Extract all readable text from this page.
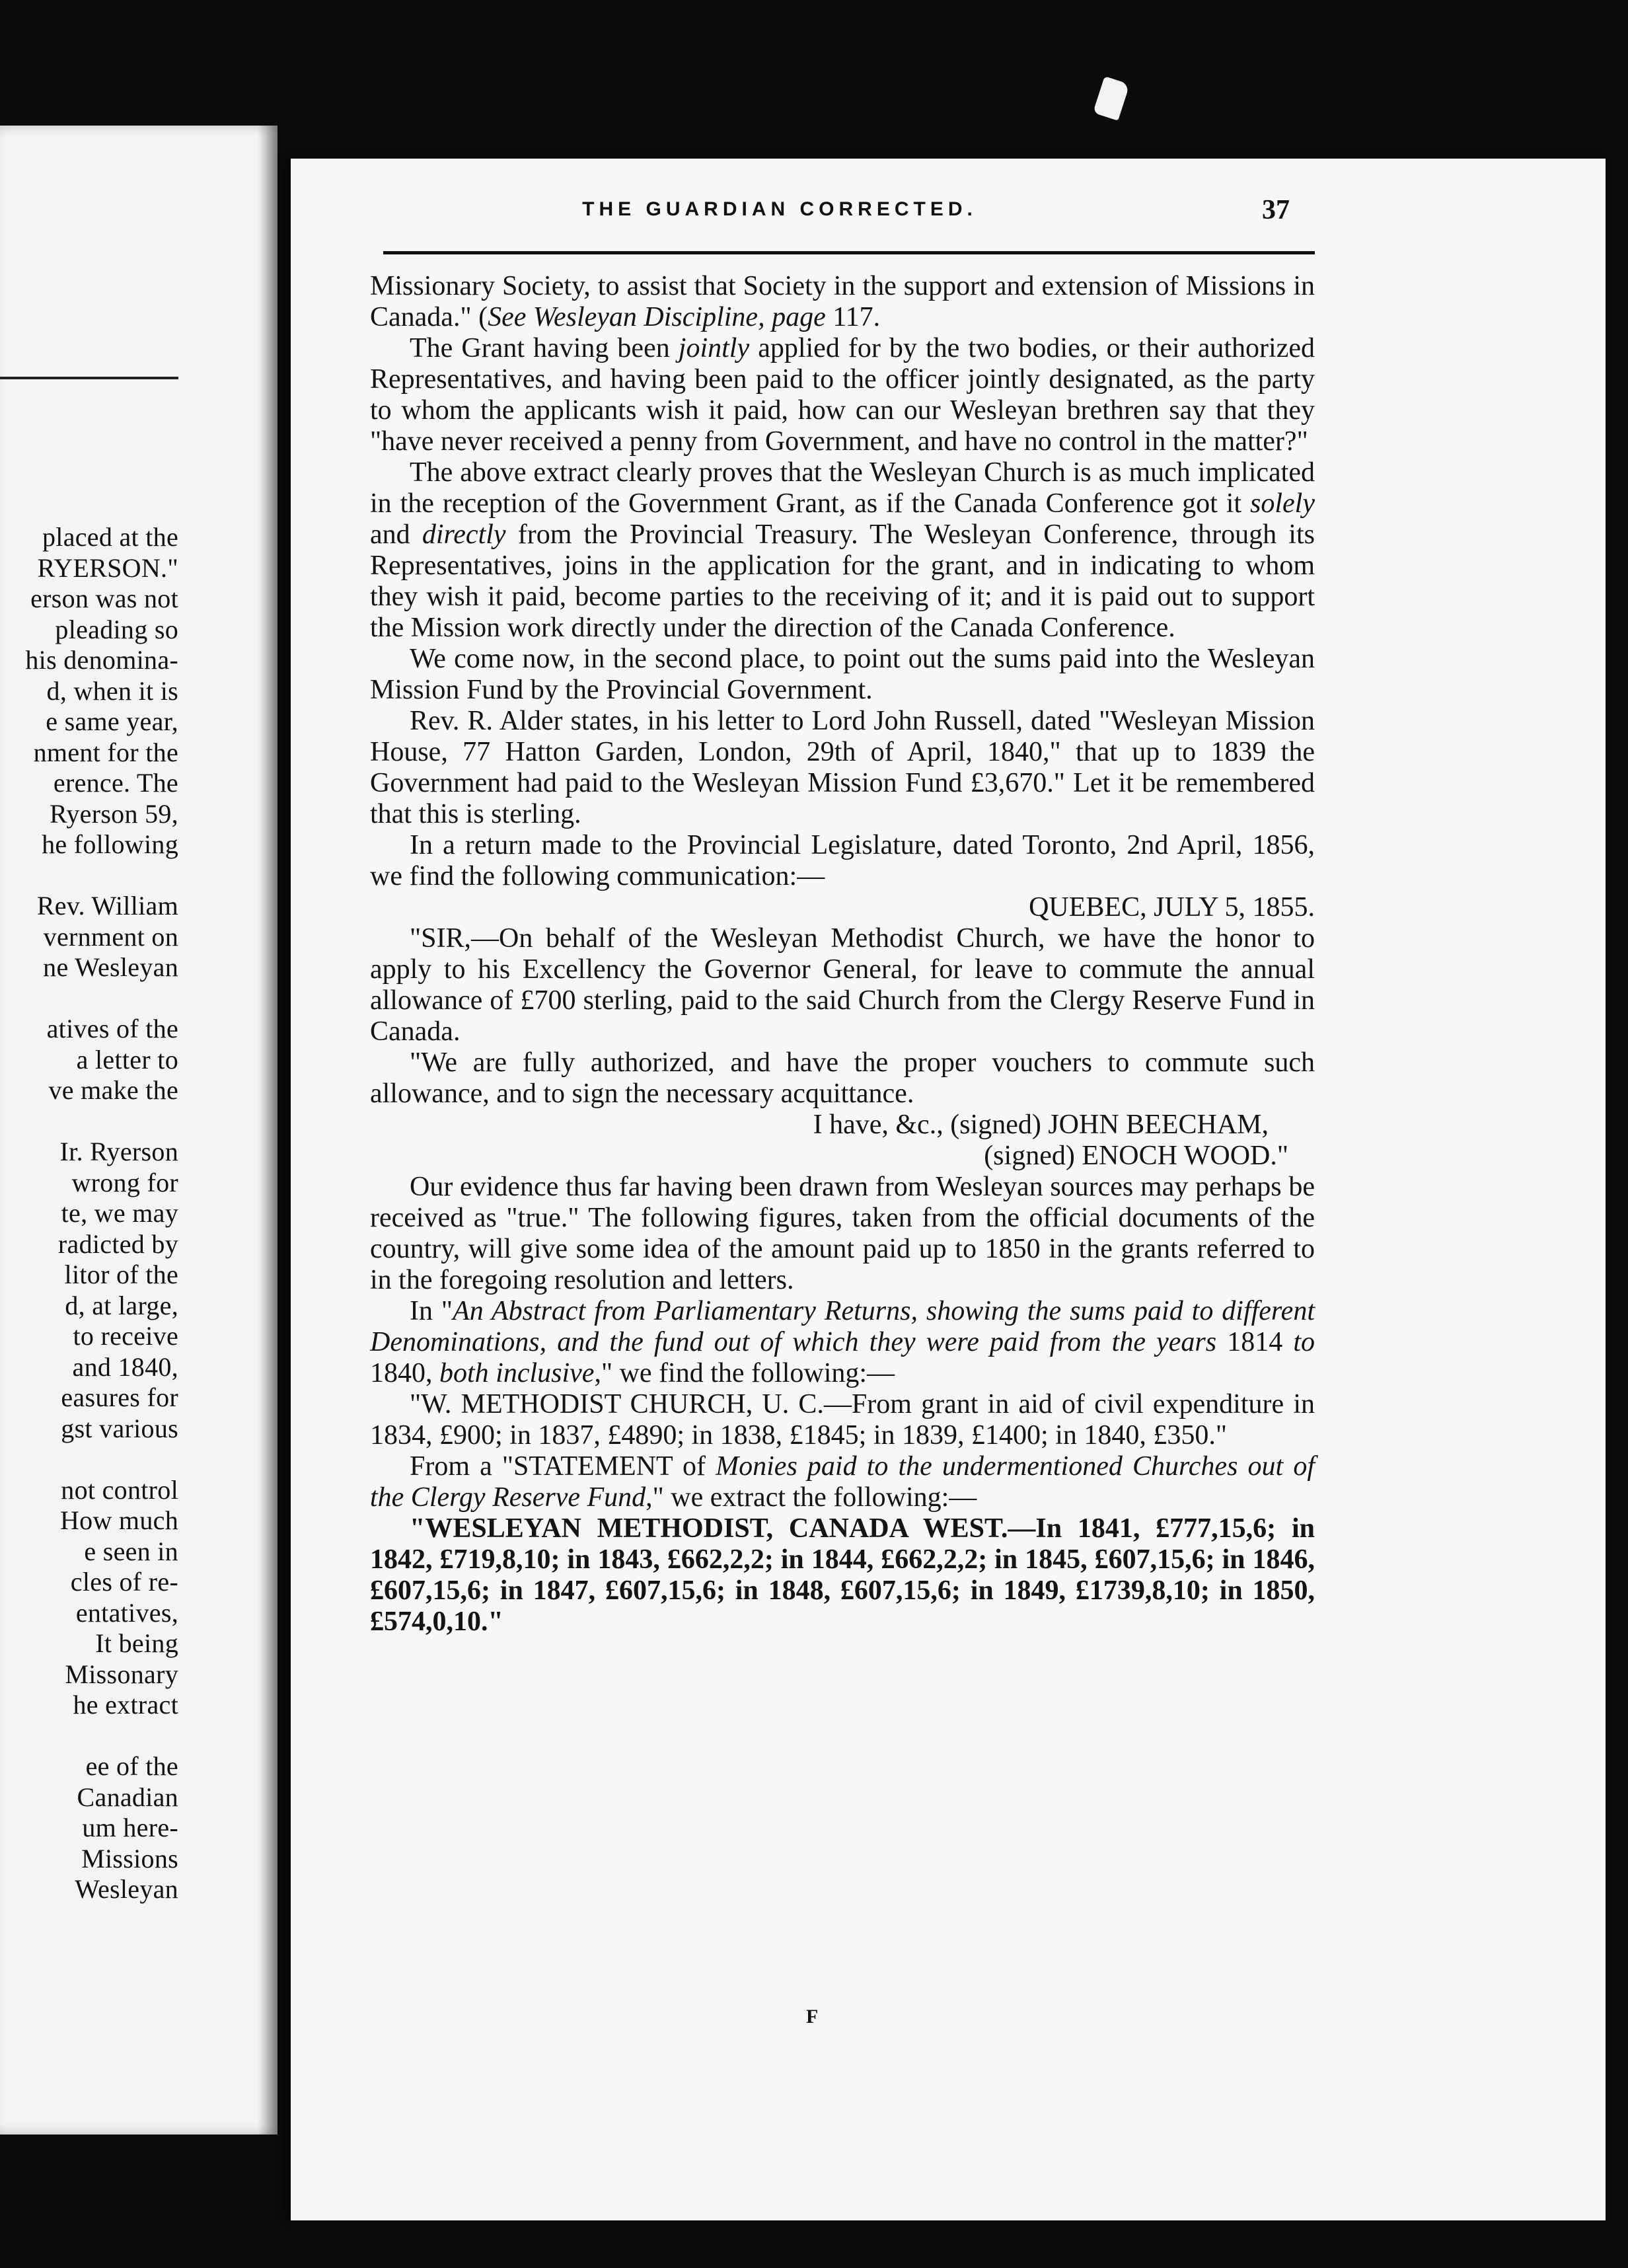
placed at the
RYERSON."
erson was not
pleading so
his denomina-
d, when it is
e same year,
nment for the
erence. The
Ryerson 59,
he following

Rev. William
vernment on
ne Wesleyan

atives of the
a letter to
ve make the

Ir. Ryerson
wrong for
te, we may
radicted by
litor of the
d, at large,
to receive
and 1840,
easures for
gst various

not control
How much
e seen in
cles of re-
entatives,
It being
Missonary
he extract

ee of the
Canadian
um here-
Missions
Wesleyan
THE GUARDIAN CORRECTED.	37

Missionary Society, to assist that Society in the support and extension of Missions in Canada." (See Wesleyan Discipline, page 117.

The Grant having been jointly applied for by the two bodies, or their authorized Representatives, and having been paid to the officer jointly designated, as the party to whom the applicants wish it paid, how can our Wesleyan brethren say that they "have never received a penny from Government, and have no control in the matter?"

The above extract clearly proves that the Wesleyan Church is as much implicated in the reception of the Government Grant, as if the Canada Conference got it solely and directly from the Provincial Treasury. The Wesleyan Conference, through its Representatives, joins in the application for the grant, and in indicating to whom they wish it paid, become parties to the receiving of it; and it is paid out to support the Mission work directly under the direction of the Canada Conference.

We come now, in the second place, to point out the sums paid into the Wesleyan Mission Fund by the Provincial Government.

Rev. R. Alder states, in his letter to Lord John Russell, dated "Wesleyan Mission House, 77 Hatton Garden, London, 29th of April, 1840," that up to 1839 the Government had paid to the Wesleyan Mission Fund £3,670." Let it be remembered that this is sterling.

In a return made to the Provincial Legislature, dated Toronto, 2nd April, 1856, we find the following communication:—

QUEBEC, JULY 5, 1855.

"SIR,—On behalf of the Wesleyan Methodist Church, we have the honor to apply to his Excellency the Governor General, for leave to commute the annual allowance of £700 sterling, paid to the said Church from the Clergy Reserve Fund in Canada.

"We are fully authorized, and have the proper vouchers to commute such allowance, and to sign the necessary acquittance.

I have, &c., (signed) JOHN BEECHAM,

(signed) ENOCH WOOD."

Our evidence thus far having been drawn from Wesleyan sources may perhaps be received as "true." The following figures, taken from the official documents of the country, will give some idea of the amount paid up to 1850 in the grants referred to in the foregoing resolution and letters.

In "An Abstract from Parliamentary Returns, showing the sums paid to different Denominations, and the fund out of which they were paid from the years 1814 to 1840, both inclusive," we find the following:—

"W. METHODIST CHURCH, U. C.—From grant in aid of civil expenditure in 1834, £900; in 1837, £4890; in 1838, £1845; in 1839, £1400; in 1840, £350."

From a "STATEMENT of Monies paid to the undermentioned Churches out of the Clergy Reserve Fund," we extract the following:—

"WESLEYAN METHODIST, CANADA WEST.—In 1841, £777,15,6; in 1842, £719,8,10; in 1843, £662,2,2; in 1844, £662,2,2; in 1845, £607,15,6; in 1846, £607,15,6; in 1847, £607,15,6; in 1848, £607,15,6; in 1849, £1739,8,10; in 1850, £574,0,10."

F
